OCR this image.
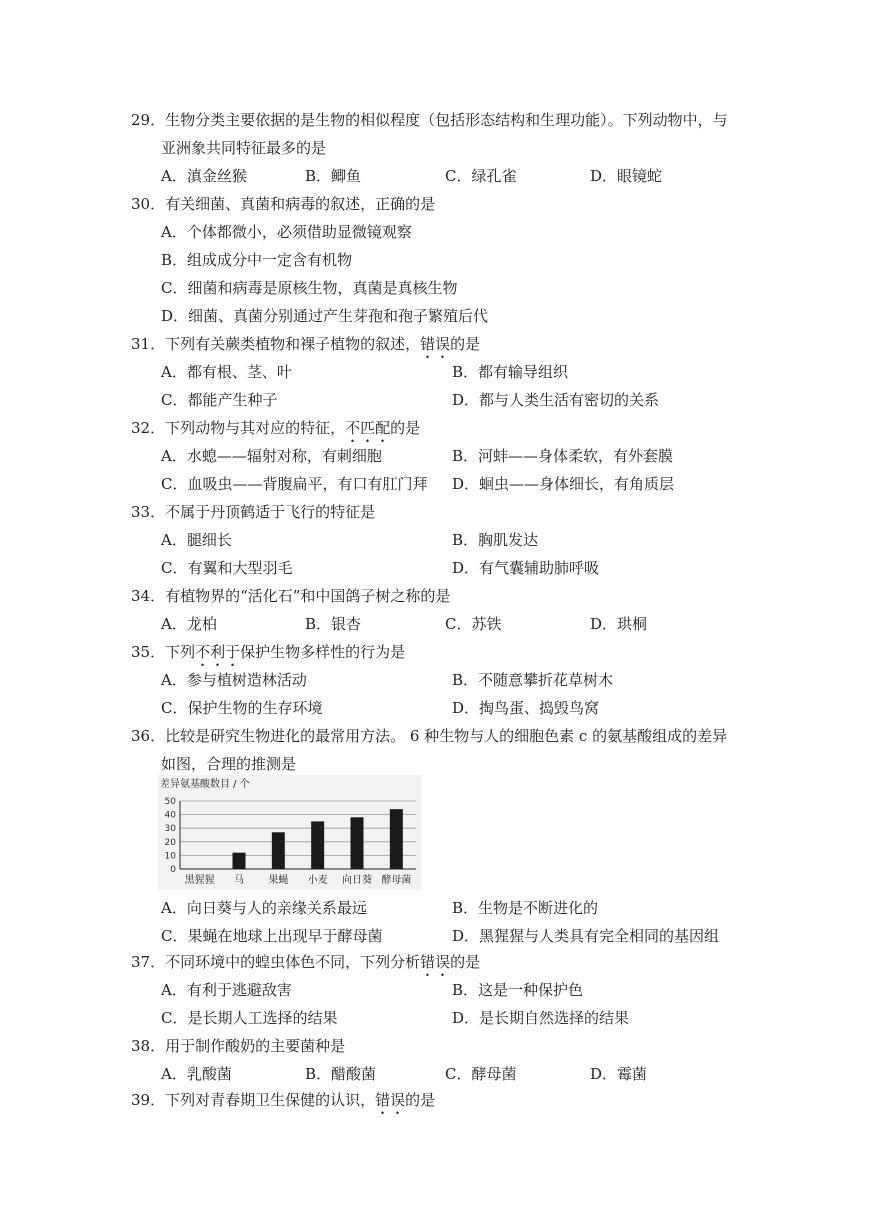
29．生物分类主要依据的是生物的相似程度（包括形态结构和生理功能）。下列动物中，与
亚洲象共同特征最多的是
A．滇金丝猴	B．鲫鱼	C．绿孔雀	D．眼镜蛇
30．有关细菌、真菌和病毒的叙述，正确的是
A．个体都微小，必须借助显微镜观察
B．组成成分中一定含有机物
C．细菌和病毒是原核生物，真菌是真核生物
D．细菌、真菌分别通过产生芽孢和孢子繁殖后代
31．下列有关蕨类植物和裸子植物的叙述，错误的是
A．都有根、茎、叶	B．都有输导组织
C．都能产生种子	D．都与人类生活有密切的关系
32．下列动物与其对应的特征，不匹配的是
A．水螅——辐射对称，有刺细胞	B．河蚌——身体柔软，有外套膜
C．血吸虫——背腹扁平，有口有肛门拜 D．蛔虫——身体细长，有角质层
33．不属于丹顶鹤适于飞行的特征是
A．腿细长	B．胸肌发达
C．有翼和大型羽毛	D．有气囊辅助肺呼吸
34．有植物界的“活化石”和中国鸽子树之称的是
A．龙柏	B．银杏	C．苏铁	D．珙桐
35．下列不利于保护生物多样性的行为是
A．参与植树造林活动	B．不随意攀折花草树木
C．保护生物的生存环境	D．掏鸟蛋、捣毁鸟窝
36．比较是研究生物进化的最常用方法。 6 种生物与人的细胞色素 c 的氨基酸组成的差异
如图，合理的推测是
差异氨基酸数目 / 个
0
10
20
30
40
50
黑猩猩 马 果蝇 小麦 向日葵 酵母菌
A．向日葵与人的亲缘关系最远	B．生物是不断进化的
C．果蝇在地球上出现早于酵母菌	D．黑猩猩与人类具有完全相同的基因组
37．不同环境中的蝗虫体色不同，下列分析错误的是
A．有利于逃避敌害	B．这是一种保护色
C．是长期人工选择的结果	D．是长期自然选择的结果
38．用于制作酸奶的主要菌种是
A．乳酸菌	B．醋酸菌	C．酵母菌	D．霉菌
39．下列对青春期卫生保健的认识，错误的是
